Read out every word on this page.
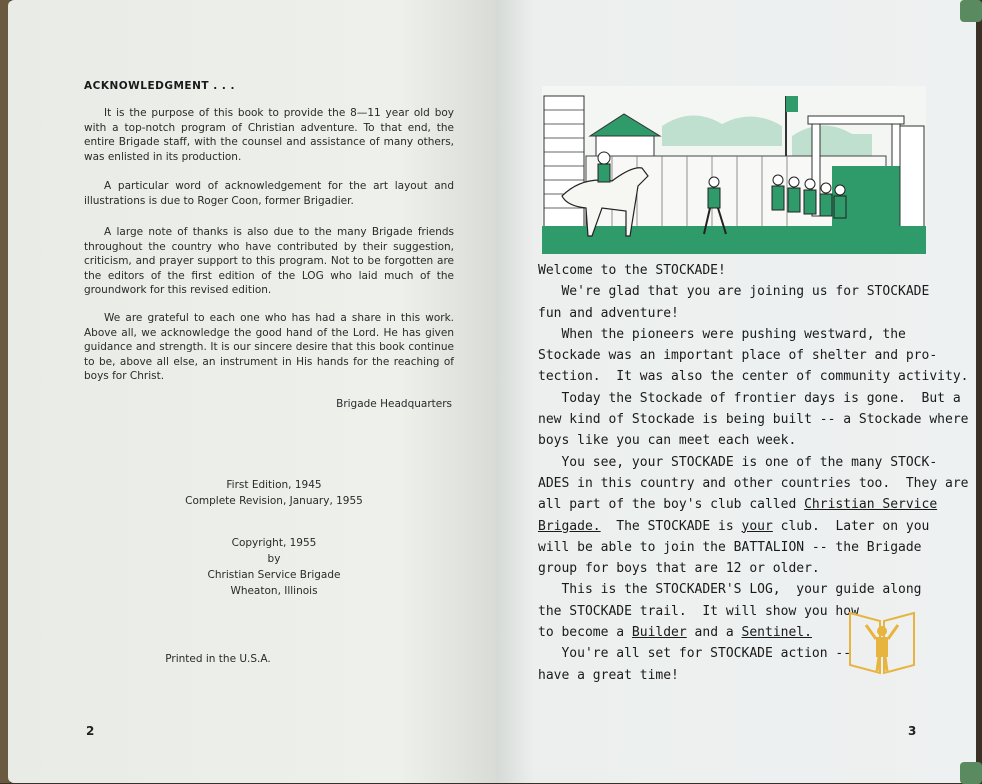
ACKNOWLEDGMENT . . .

It is the purpose of this book to provide the 8—11 year old boy with a top-notch program of Christian adventure. To that end, the entire Brigade staff, with the counsel and assistance of many others, was enlisted in its production.

A particular word of acknowledgement for the art layout and illustrations is due to Roger Coon, former Brigadier.

A large note of thanks is also due to the many Brigade friends throughout the country who have contributed by their suggestion, criticism, and prayer support to this program. Not to be forgotten are the editors of the first edition of the LOG who laid much of the groundwork for this revised edition.

We are grateful to each one who has had a share in this work. Above all, we acknowledge the good hand of the Lord. He has given guidance and strength. It is our sincere desire that this book continue to be, above all else, an instrument in His hands for the reaching of boys for Christ.

Brigade Headquarters
First Edition, 1945
Complete Revision, January, 1955
Copyright, 1955
by
Christian Service Brigade
Wheaton, Illinois
Printed in the U.S.A.
2
Welcome to the STOCKADE!
We're glad that you are joining us for STOCKADE
fun and adventure!
When the pioneers were pushing westward, the
Stockade was an important place of shelter and pro-
tection.  It was also the center of community activity.
Today the Stockade of frontier days is gone.  But a
new kind of Stockade is being built -- a Stockade where
boys like you can meet each week.
You see, your STOCKADE is one of the many STOCK-
ADES in this country and other countries too.  They are
all part of the boy's club called Christian Service
Brigade.  The STOCKADE is your club.  Later on you
will be able to join the BATTALION -- the Brigade
group for boys that are 12 or older.
This is the STOCKADER'S LOG,  your guide along
the STOCKADE trail.  It will show you how
to become a Builder and a Sentinel.
You're all set for STOCKADE action --
have a great time!
3
